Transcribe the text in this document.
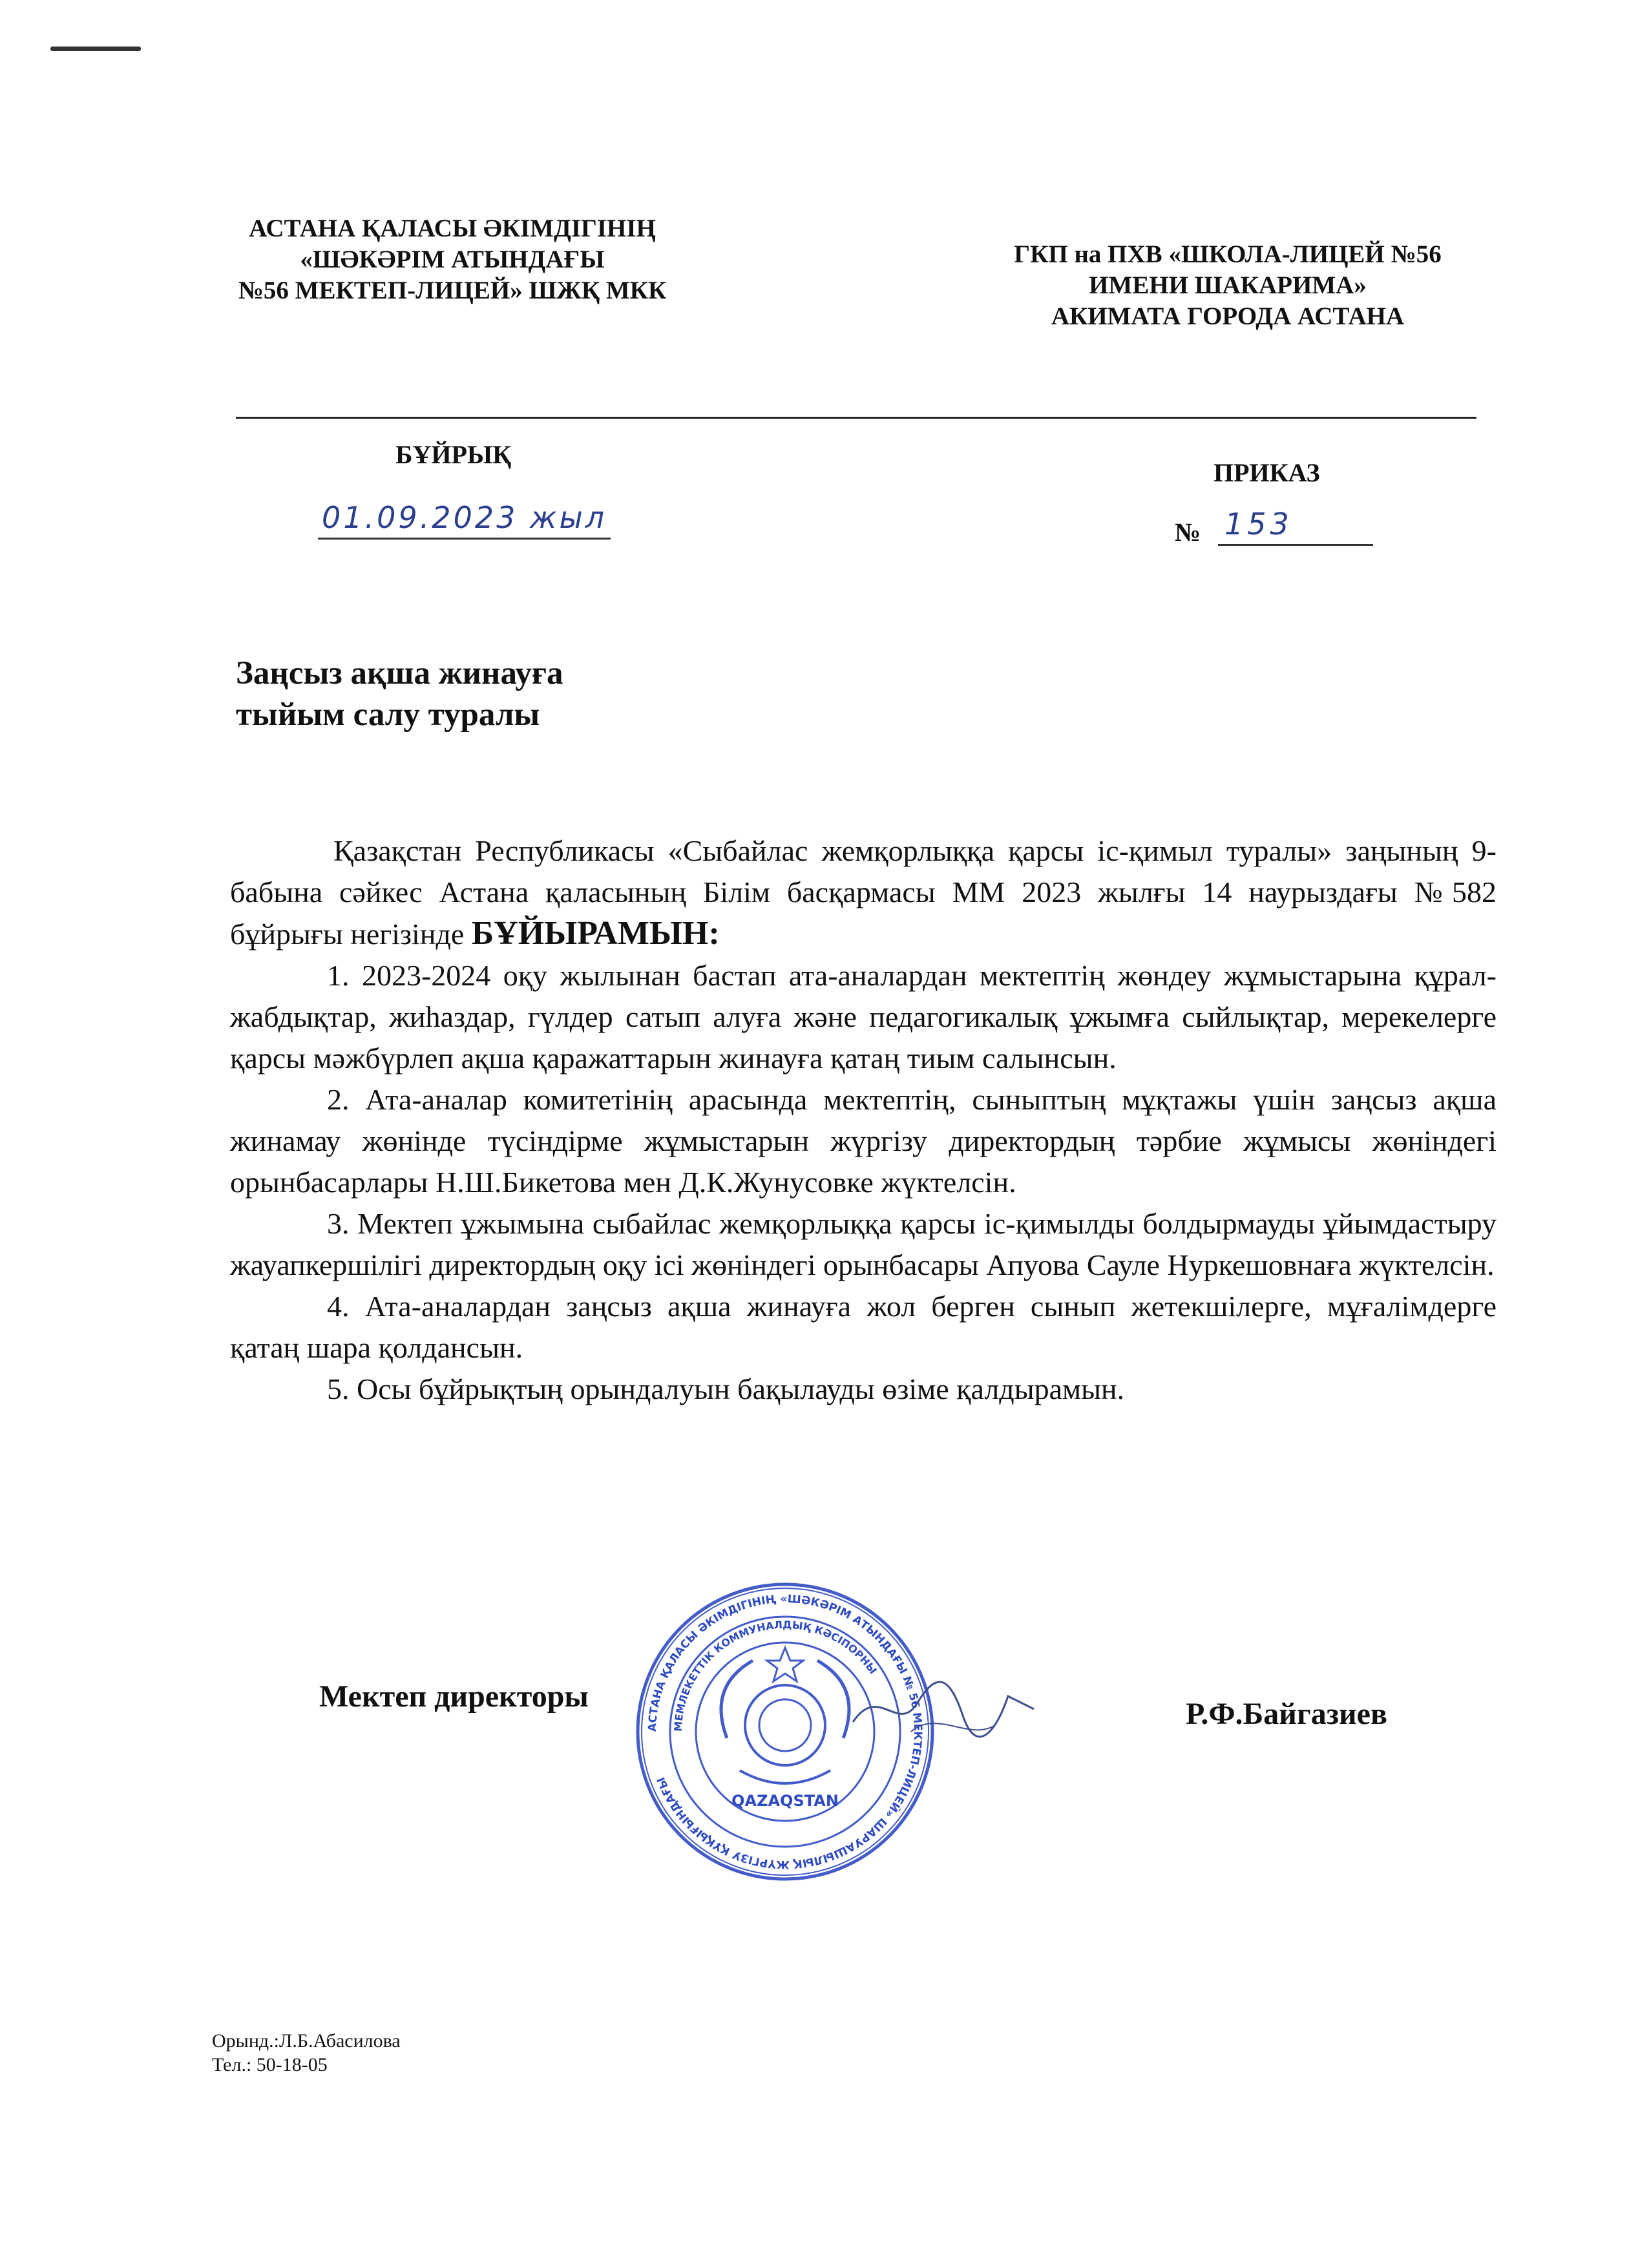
АСТАНА ҚАЛАСЫ ӘКІМДІГІНІҢ
«ШӘКӘРІМ АТЫНДАҒЫ
№56 МЕКТЕП-ЛИЦЕЙ» ШЖҚ МКК
ГКП на ПХВ «ШКОЛА-ЛИЦЕЙ №56
ИМЕНИ ШАКАРИМА»
АКИМАТА ГОРОДА АСТАНА
БҰЙРЫҚ
ПРИКАЗ
01.09.2023 жыл	№ 153
Заңсыз ақша жинауға
тыйым салу туралы

Қазақстан Республикасы «Сыбайлас жемқорлыққа қарсы іс-қимыл туралы» заңының 9-бабына сәйкес Астана қаласының Білім басқармасы ММ 2023 жылғы 14 наурыздағы №582 бұйрығы негізінде БҰЙЫРАМЫН:

1. 2023-2024 оқу жылынан бастап ата-аналардан мектептің жөндеу жұмыстарына құрал-жабдықтар, жиһаздар, гүлдер сатып алуға және педагогикалық ұжымға сыйлықтар, мерекелерге қарсы мәжбүрлеп ақша қаражаттарын жинауға қатаң тиым салынсын.

2. Ата-аналар комитетінің арасында мектептің, сыныптың мұқтажы үшін заңсыз ақша жинамау жөнінде түсіндірме жұмыстарын жүргізу директордың тәрбие жұмысы жөніндегі орынбасарлары Н.Ш.Бикетова мен Д.К.Жунусовке жүктелсін.

3. Мектеп ұжымына сыбайлас жемқорлыққа қарсы іс-қимылды болдырмауды ұйымдастыру жауапкершілігі директордың оқу ісі жөніндегі орынбасары Апуова Сауле Нуркешовнаға жүктелсін.

4. Ата-аналардан заңсыз ақша жинауға жол берген сынып жетекшілерге, мұғалімдерге қатаң шара қолдансын.

5. Осы бұйрықтың орындалуын бақылауды өзіме қалдырамын.

Мектеп директоры
АСТАНА ҚАЛАСЫ ӘКІМДІГІНІҢ «ШӘКӘРІМ АТЫНДАҒЫ № 56 МЕКТЕП-ЛИЦЕЙ» ШАРУАШЫЛЫҚ ЖҮРГІЗУ ҚҰҚЫҒЫНДАҒЫ
МЕМЛЕКЕТТІК КОММУНАЛДЫҚ КӘСІПОРНЫ
QAZAQSTAN
Р.Ф.Байгазиев
Орынд.:Л.Б.Абасилова
Тел.: 50-18-05
